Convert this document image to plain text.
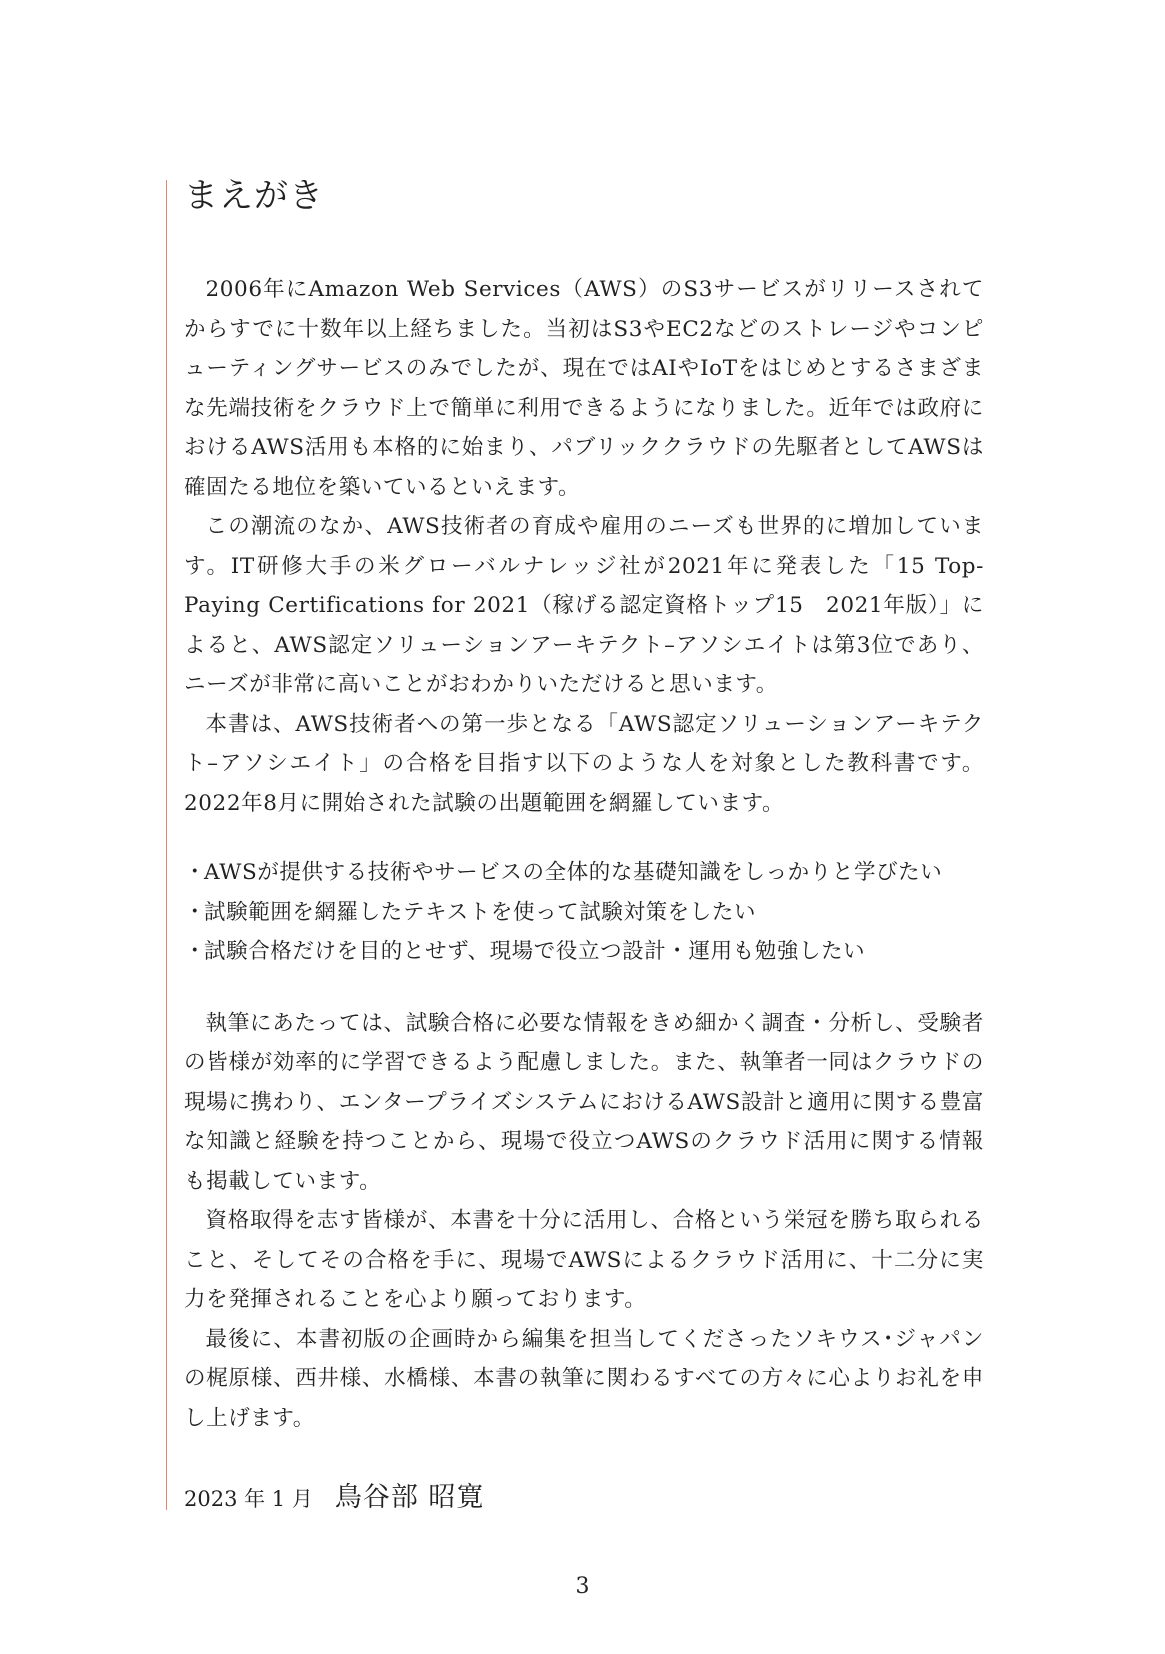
まえがき

2006年にAmazon Web Services（AWS）のS3サービスがリリースされてからすでに十数年以上経ちました。当初はS3やEC2などのストレージやコンピューティングサービスのみでしたが、現在ではAIやIoTをはじめとするさまざまな先端技術をクラウド上で簡単に利用できるようになりました。近年では政府におけるAWS活用も本格的に始まり、パブリッククラウドの先駆者としてAWSは確固たる地位を築いているといえます。

この潮流のなか、AWS技術者の育成や雇用のニーズも世界的に増加しています。IT研修大手の米グローバルナレッジ社が2021年に発表した「15 Top-Paying Certifications for 2021（稼げる認定資格トップ15　2021年版）」によると、AWS認定ソリューションアーキテクト–アソシエイトは第3位であり、ニーズが非常に高いことがおわかりいただけると思います。

本書は、AWS技術者への第一歩となる「AWS認定ソリューションアーキテクト–アソシエイト」の合格を目指す以下のような人を対象とした教科書です。2022年8月に開始された試験の出題範囲を網羅しています。

・AWSが提供する技術やサービスの全体的な基礎知識をしっかりと学びたい
・試験範囲を網羅したテキストを使って試験対策をしたい
・試験合格だけを目的とせず、現場で役立つ設計・運用も勉強したい

執筆にあたっては、試験合格に必要な情報をきめ細かく調査・分析し、受験者の皆様が効率的に学習できるよう配慮しました。また、執筆者一同はクラウドの現場に携わり、エンタープライズシステムにおけるAWS設計と適用に関する豊富な知識と経験を持つことから、現場で役立つAWSのクラウド活用に関する情報も掲載しています。

資格取得を志す皆様が、本書を十分に活用し、合格という栄冠を勝ち取られること、そしてその合格を手に、現場でAWSによるクラウド活用に、十二分に実力を発揮されることを心より願っております。

最後に、本書初版の企画時から編集を担当してくださったソキウス･ジャパンの梶原様、西井様、水橋様、本書の執筆に関わるすべての方々に心よりお礼を申し上げます。

2023 年 1 月 鳥谷部 昭寛
3
